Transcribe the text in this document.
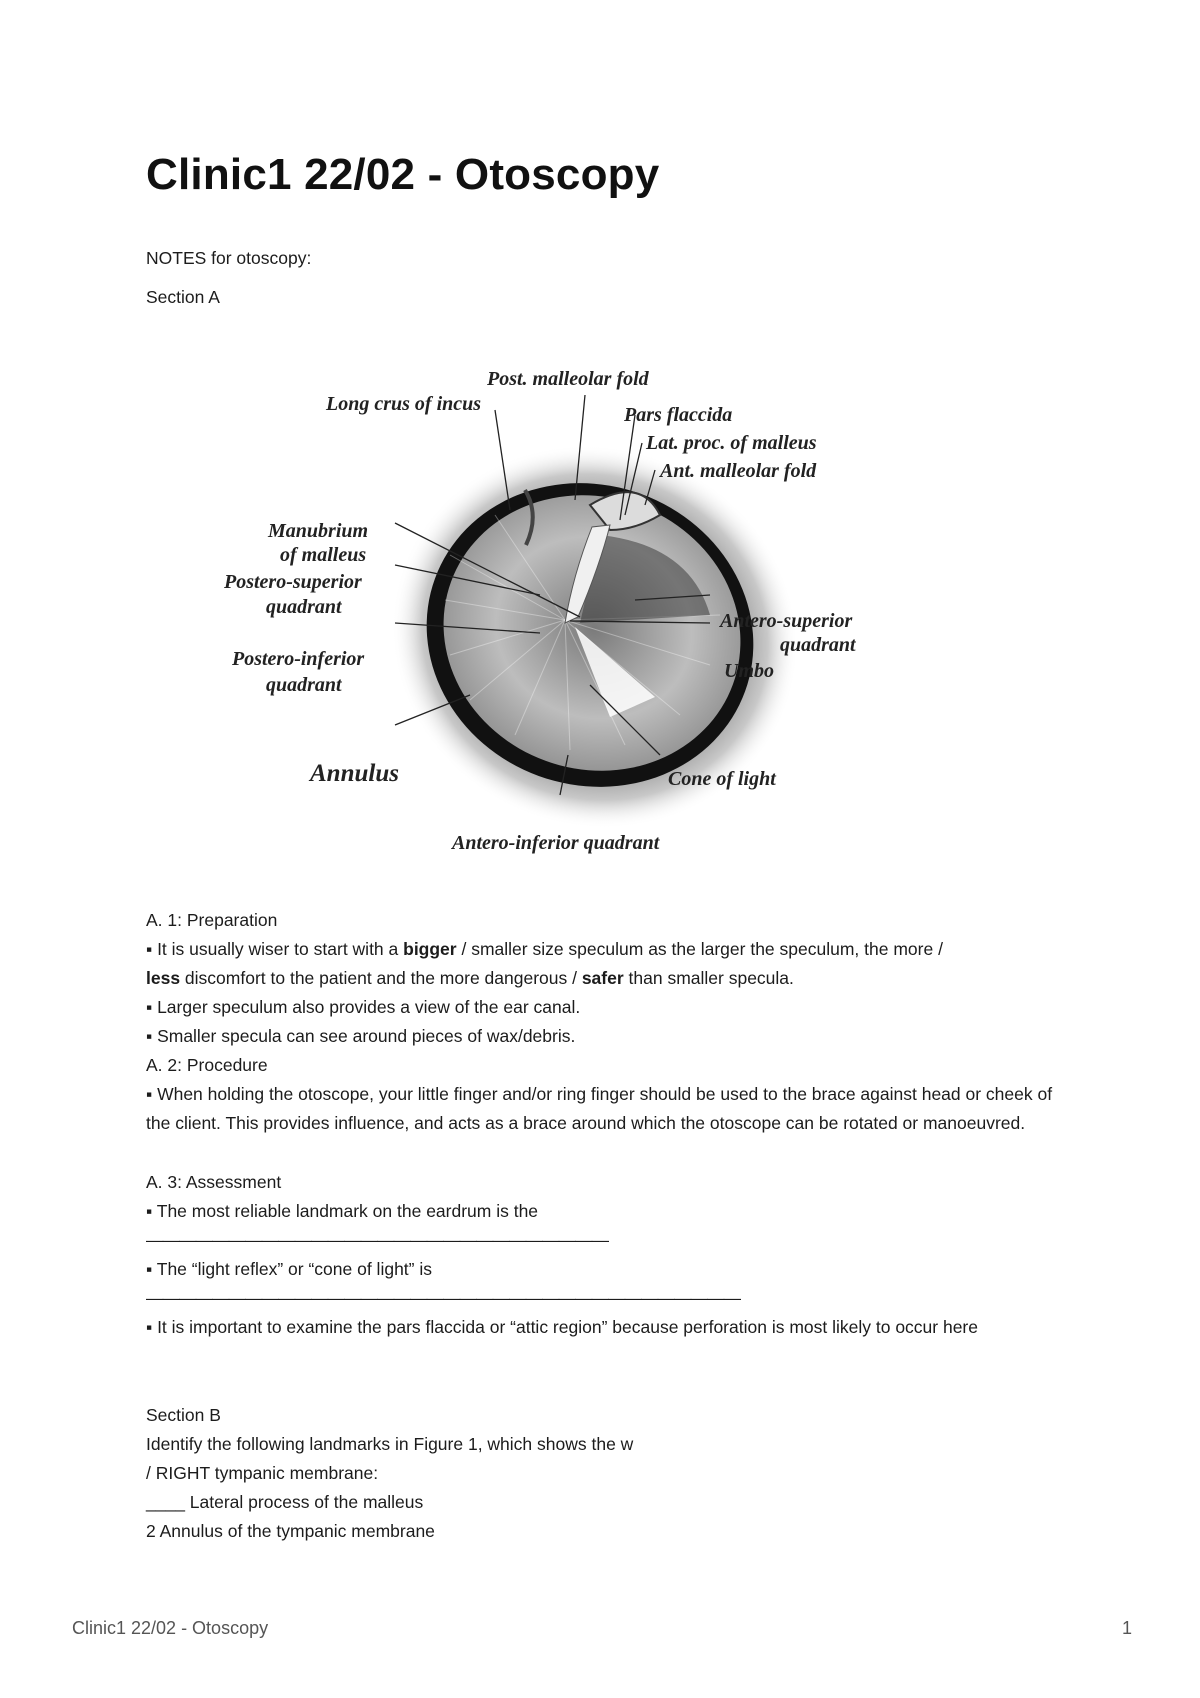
Clinic1 22/02 - Otoscopy
NOTES for otoscopy:
Section A
Post. malleolar fold
Long crus of incus	Pars flaccida
Lat. proc. of malleus
Ant. malleolar fold
Manubrium
of malleus
Postero-superior
quadrant
Postero-inferior
quadrant
Antero-superior
quadrant
Umbo
Annulus	Cone of light
Antero-inferior quadrant
A. 1: Preparation
▪ It is usually wiser to start with a bigger / smaller size speculum as the larger the speculum, the more /
less discomfort to the patient and the more dangerous / safer than smaller specula.
▪ Larger speculum also provides a view of the ear canal.
▪ Smaller specula can see around pieces of wax/debris.
A. 2: Procedure
▪ When holding the otoscope, your little finger and/or ring finger should be used to the brace against head or cheek of the client. This provides influence, and acts as a brace around which the otoscope can be rotated or manoeuvred.
A. 3: Assessment
▪ The most reliable landmark on the eardrum is the
————————————————————————————
▪ The “light reflex” or “cone of light” is
————————————————————————————————————
▪ It is important to examine the pars flaccida or “attic region” because perforation is most likely to occur here
Section B
Identify the following landmarks in Figure 1, which shows the w
/ RIGHT tympanic membrane:
____ Lateral process of the malleus
2 Annulus of the tympanic membrane
Clinic1 22/02 - Otoscopy	1
